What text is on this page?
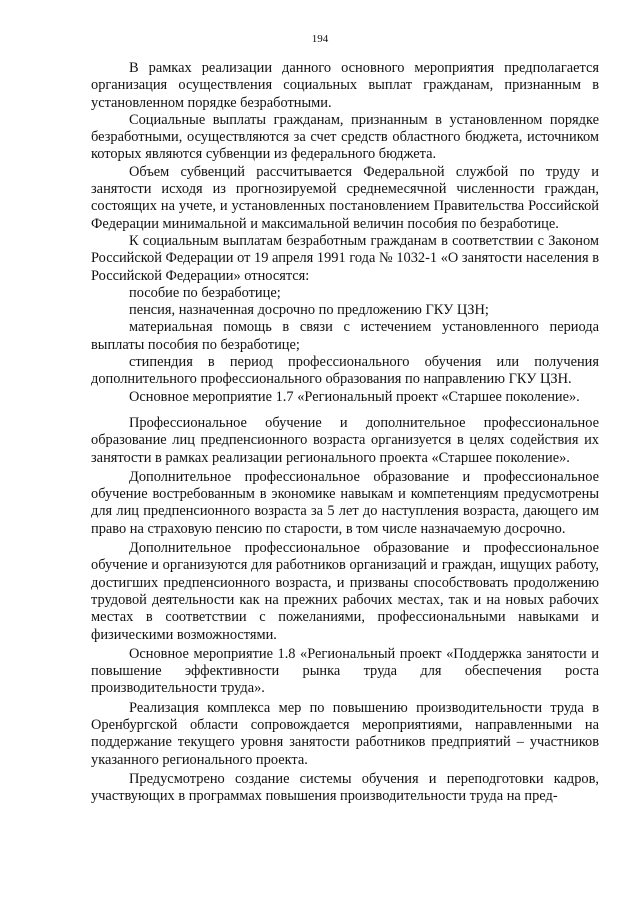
194

В рамках реализации данного основного мероприятия предполагается организация осуществления социальных выплат гражданам, признанным в установленном порядке безработными.

Социальные выплаты гражданам, признанным в установленном порядке безработными, осуществляются за счет средств областного бюджета, источником которых являются субвенции из федерального бюджета.

Объем субвенций рассчитывается Федеральной службой по труду и занятости исходя из прогнозируемой среднемесячной численности граждан, состоящих на учете, и установленных постановлением Правительства Российской Федерации минимальной и максимальной величин пособия по безработице.

К социальным выплатам безработным гражданам в соответствии с Законом Российской Федерации от 19 апреля 1991 года № 1032-1 «О занятости населения в Российской Федерации» относятся:

пособие по безработице;

пенсия, назначенная досрочно по предложению ГКУ ЦЗН;

материальная помощь в связи с истечением установленного периода выплаты пособия по безработице;

стипендия в период профессионального обучения или получения дополнительного профессионального образования по направлению ГКУ ЦЗН.

Основное мероприятие 1.7 «Региональный проект «Старшее поколение».

Профессиональное обучение и дополнительное профессиональное образование лиц предпенсионного возраста организуется в целях содействия их занятости в рамках реализации регионального проекта «Старшее поколение».

Дополнительное профессиональное образование и профессиональное обучение востребованным в экономике навыкам и компетенциям предусмотрены для лиц предпенсионного возраста за 5 лет до наступления возраста, дающего им право на страховую пенсию по старости, в том числе назначаемую досрочно.

Дополнительное профессиональное образование и профессиональное обучение и организуются для работников организаций и граждан, ищущих работу, достигших предпенсионного возраста, и призваны способствовать продолжению трудовой деятельности как на прежних рабочих местах, так и на новых рабочих местах в соответствии с пожеланиями, профессиональными навыками и физическими возможностями.

Основное мероприятие 1.8 «Региональный проект «Поддержка занятости и повышение эффективности рынка труда для обеспечения роста производительности труда».

Реализация комплекса мер по повышению производительности труда в Оренбургской области сопровождается мероприятиями, направленными на поддержание текущего уровня занятости работников предприятий – участников указанного регионального проекта.

Предусмотрено создание системы обучения и переподготовки кадров, участвующих в программах повышения производительности труда на пред-
